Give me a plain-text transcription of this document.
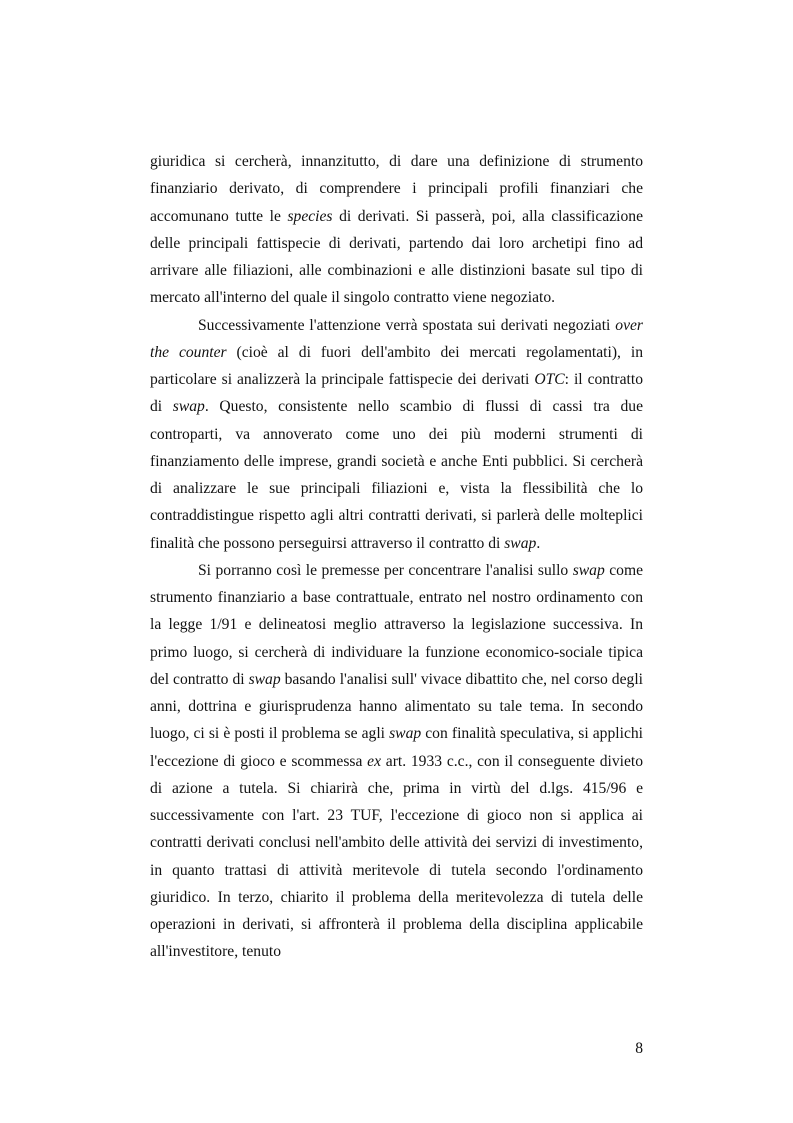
giuridica si cercherà, innanzitutto, di dare una definizione di strumento finanziario derivato, di comprendere i principali profili finanziari che accomunano tutte le species di derivati. Si passerà, poi, alla classificazione delle principali fattispecie di derivati, partendo dai loro archetipi fino ad arrivare alle filiazioni, alle combinazioni e alle distinzioni basate sul tipo di mercato all'interno del quale il singolo contratto viene negoziato.

Successivamente l'attenzione verrà spostata sui derivati negoziati over the counter (cioè al di fuori dell'ambito dei mercati regolamentati), in particolare si analizzerà la principale fattispecie dei derivati OTC: il contratto di swap. Questo, consistente nello scambio di flussi di cassi tra due controparti, va annoverato come uno dei più moderni strumenti di finanziamento delle imprese, grandi società e anche Enti pubblici. Si cercherà di analizzare le sue principali filiazioni e, vista la flessibilità che lo contraddistingue rispetto agli altri contratti derivati, si parlerà delle molteplici finalità che possono perseguirsi attraverso il contratto di swap.

Si porranno così le premesse per concentrare l'analisi sullo swap come strumento finanziario a base contrattuale, entrato nel nostro ordinamento con la legge 1/91 e delineatosi meglio attraverso la legislazione successiva. In primo luogo, si cercherà di individuare la funzione economico-sociale tipica del contratto di swap basando l'analisi sull' vivace dibattito che, nel corso degli anni, dottrina e giurisprudenza hanno alimentato su tale tema. In secondo luogo, ci si è posti il problema se agli swap con finalità speculativa, si applichi l'eccezione di gioco e scommessa ex art. 1933 c.c., con il conseguente divieto di azione a tutela. Si chiarirà che, prima in virtù del d.lgs. 415/96 e successivamente con l'art. 23 TUF, l'eccezione di gioco non si applica ai contratti derivati conclusi nell'ambito delle attività dei servizi di investimento, in quanto trattasi di attività meritevole di tutela secondo l'ordinamento giuridico. In terzo, chiarito il problema della meritevolezza di tutela delle operazioni in derivati, si affronterà il problema della disciplina applicabile all'investitore, tenuto

8
